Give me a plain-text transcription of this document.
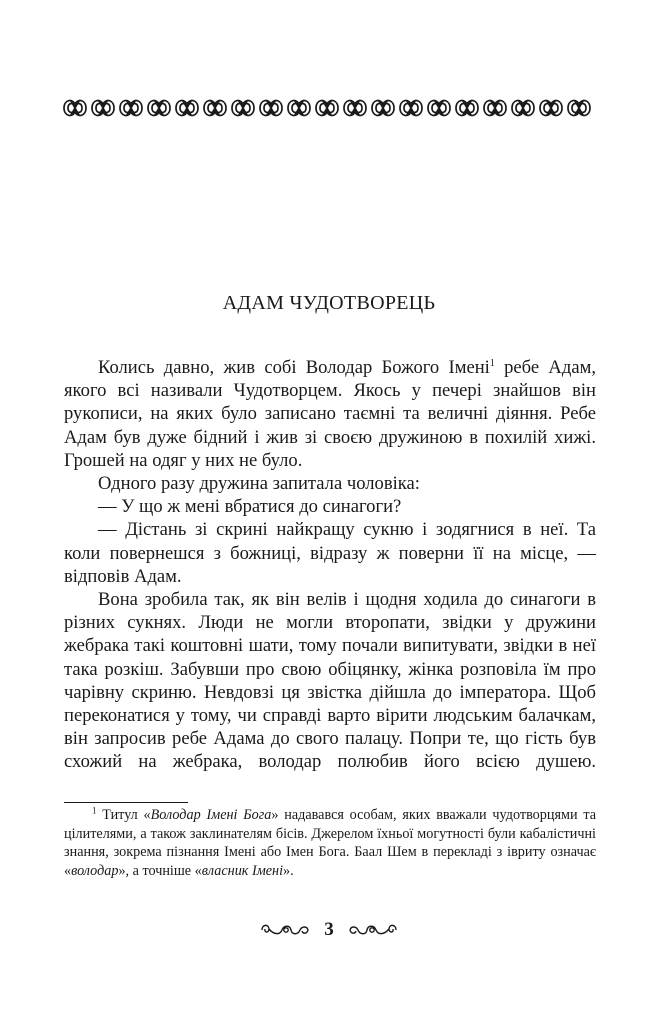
АДАМ ЧУДОТВОРЕЦЬ

Колись давно, жив собі Володар Божого Імені$^1$ ребе Адам, якого всі називали Чудотворцем. Якось у печері знайшов він рукописи, на яких було записано таємні та величні діяння. Ребе Адам був дуже бідний і жив зі своєю дружиною в похилій хижі. Грошей на одяг у них не було.

Одного разу дружина запитала чоловіка:

— У що ж мені вбратися до синагоги?

— Дістань зі скрині найкращу сукню і зодягнися в неї. Та коли повернешся з божниці, відразу ж поверни її на місце, — відповів Адам.

Вона зробила так, як він велів і щодня ходила до синагоги в різних сукнях. Люди не могли второпати, звідки у дружини жебрака такі коштовні шати, тому почали випитувати, звідки в неї така розкіш. Забувши про свою обіцянку, жінка розповіла їм про чарівну скриню. Невдовзі ця звістка дійшла до імператора. Щоб переконатися у тому, чи справді варто вірити людським балачкам, він запросив ребе Адама до свого палацу. Попри те, що гість був схожий на жебрака, володар полюбив його всією душею.

$^1$ Титул «Володар Імені Бога» надавався особам, яких вважали чудотворцями та цілителями, а також заклинателям бісів. Джерелом їхньої могутності були кабалістичні знання, зокрема пізнання Імені або Імен Бога. Баал Шем в перекладі з івриту означає «володар», а точніше «власник Імені».

3
